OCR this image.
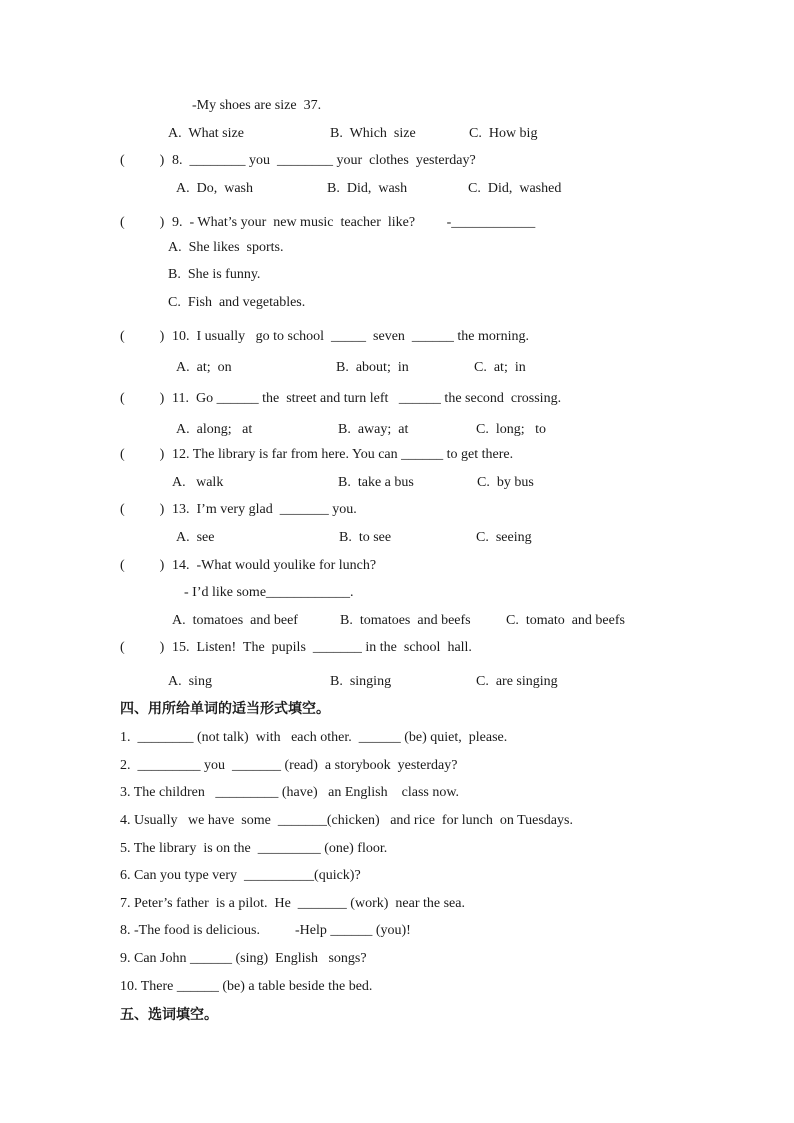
-My shoes are size  37.
A.  What size	B.  Which  size	C.  How big
(          ) 8.  ________ you  ________ your  clothes  yesterday?
A.  Do,  wash	B.  Did,  wash	C.  Did,  washed
(          ) 9.  - What’s your  new music  teacher  like?         -____________
A.  She likes  sports.
B.  She is funny.
C.  Fish  and vegetables.
(          ) 10.  I usually   go to school  _____  seven  ______ the morning.
A.  at;  on	B.  about;  in	C.  at;  in
(          ) 11.  Go ______ the  street and turn left   ______ the second  crossing.
A.  along;   at	B.  away;  at	C.  long;   to
(          ) 12. The library is far from here. You can ______ to get there.
A.   walk	B.  take a bus	C.  by bus
(          ) 13.  I’m very glad  _______ you.
A.  see	B.  to see	C.  seeing
(          ) 14.  -What would youlike for lunch?
- I’d like some____________.
A.  tomatoes  and beef	B.  tomatoes  and beefs	C.  tomato  and beefs
(          ) 15.  Listen!  The  pupils  _______ in the  school  hall.
A.  sing	B.  singing	C.  are singing
四、用所给单词的适当形式填空。
1.  ________ (not talk)  with   each other.  ______ (be) quiet,  please.
2.  _________ you  _______ (read)  a storybook  yesterday?
3. The children   _________ (have)   an English    class now.
4. Usually   we have  some  _______(chicken)   and rice  for lunch  on Tuesdays.
5. The library  is on the  _________ (one) floor.
6. Can you type very  __________(quick)?
7. Peter’s father  is a pilot.  He  _______ (work)  near the sea.
8. -The food is delicious.          -Help ______ (you)!
9. Can John ______ (sing)  English   songs?
10. There ______ (be) a table beside the bed.
五、选词填空。
